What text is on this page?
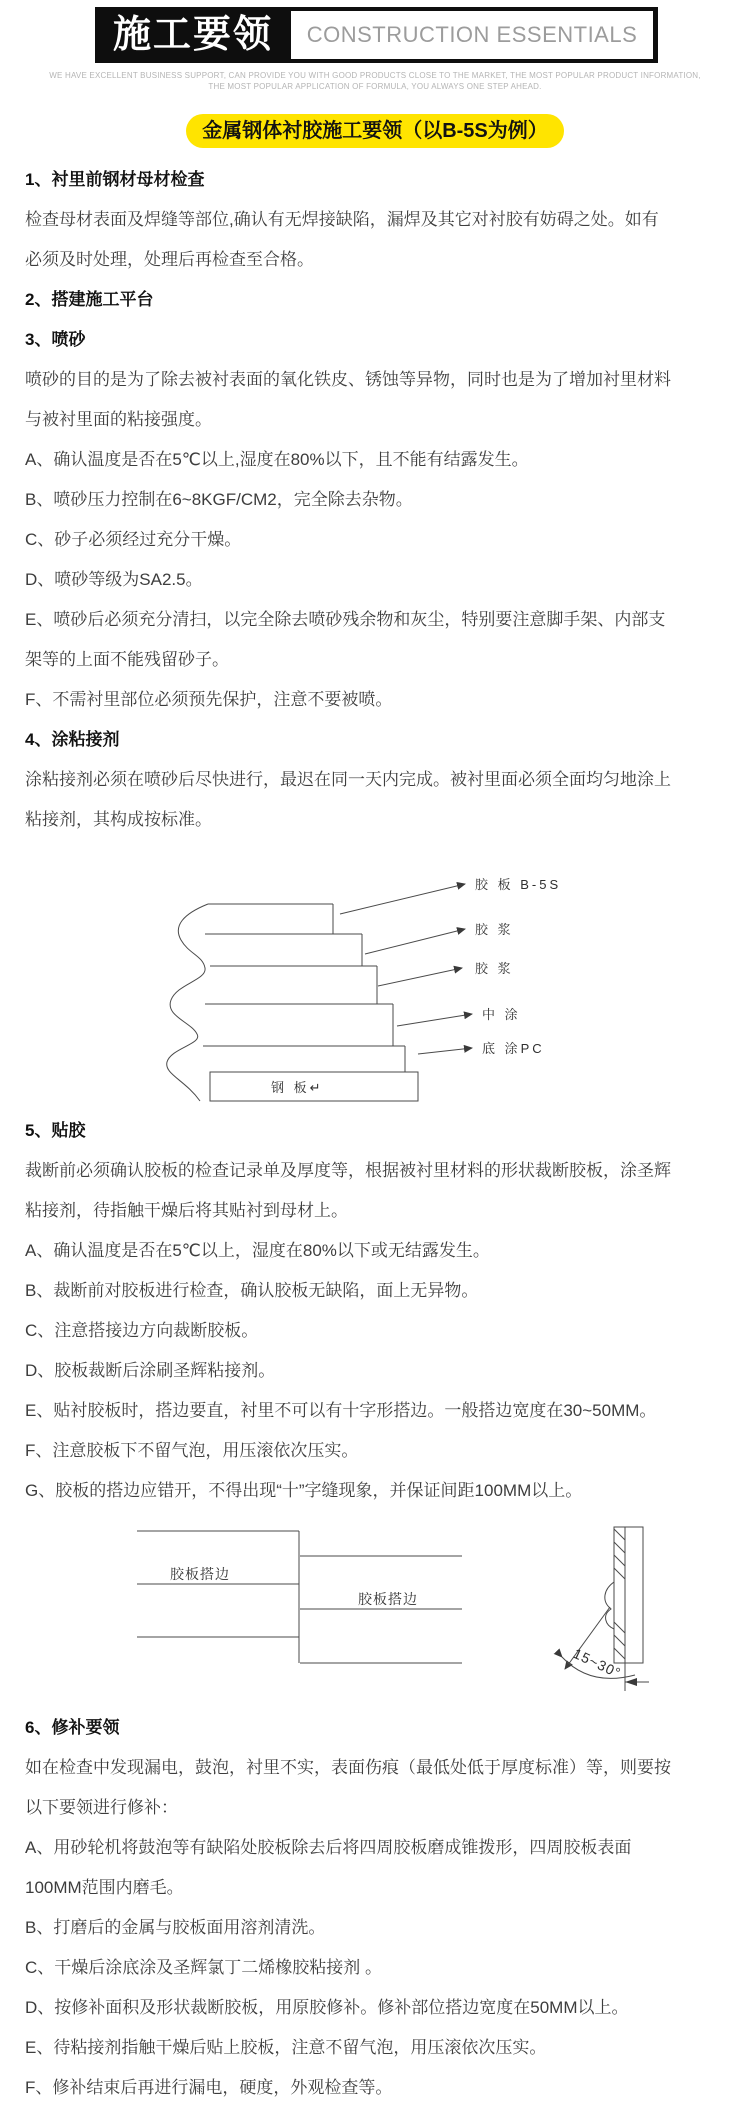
施工要领	CONSTRUCTION ESSENTIALS
WE HAVE EXCELLENT BUSINESS SUPPORT, CAN PROVIDE YOU WITH GOOD PRODUCTS CLOSE TO THE MARKET, THE MOST POPULAR PRODUCT INFORMATION,
THE MOST POPULAR APPLICATION OF FORMULA, YOU ALWAYS ONE STEP AHEAD.
金属钢体衬胶施工要领（以B-5S为例）
1、衬里前钢材母材检查
检查母材表面及焊缝等部位,确认有无焊接缺陷，漏焊及其它对衬胶有妨碍之处。如有
必须及时处理，处理后再检查至合格。
2、搭建施工平台
3、喷砂
喷砂的目的是为了除去被衬表面的氧化铁皮、锈蚀等异物，同时也是为了增加衬里材料
与被衬里面的粘接强度。
A、确认温度是否在5℃以上,湿度在80%以下，且不能有结露发生。
B、喷砂压力控制在6~8KGF/CM2，完全除去杂物。
C、砂子必须经过充分干燥。
D、喷砂等级为SA2.5。
E、喷砂后必须充分清扫，以完全除去喷砂残余物和灰尘，特别要注意脚手架、内部支
架等的上面不能残留砂子。
F、不需衬里部位必须预先保护，注意不要被喷。
4、涂粘接剂
涂粘接剂必须在喷砂后尽快进行，最迟在同一天内完成。被衬里面必须全面均匀地涂上
粘接剂，其构成按标准。
胶 板 B-5S
胶 浆
胶 浆
中 涂
底 涂PC
钢 板↵
5、贴胶
裁断前必须确认胶板的检查记录单及厚度等，根据被衬里材料的形状裁断胶板，涂圣辉
粘接剂，待指触干燥后将其贴衬到母材上。
A、确认温度是否在5℃以上，湿度在80%以下或无结露发生。
B、裁断前对胶板进行检查，确认胶板无缺陷，面上无异物。
C、注意搭接边方向裁断胶板。
D、胶板裁断后涂刷圣辉粘接剂。
E、贴衬胶板时，搭边要直，衬里不可以有十字形搭边。一般搭边宽度在30~50MM。
F、注意胶板下不留气泡，用压滚依次压实。
G、胶板的搭边应错开，不得出现“十”字缝现象，并保证间距100MM以上。
胶板搭边
胶板搭边
15~30°
6、修补要领
如在检查中发现漏电，鼓泡，衬里不实，表面伤痕（最低处低于厚度标准）等，则要按
以下要领进行修补：
A、用砂轮机将鼓泡等有缺陷处胶板除去后将四周胶板磨成锥拨形，四周胶板表面
100MM范围内磨毛。
B、打磨后的金属与胶板面用溶剂清洗。
C、干燥后涂底涂及圣辉氯丁二烯橡胶粘接剂 。
D、按修补面积及形状裁断胶板，用原胶修补。修补部位搭边宽度在50MM以上。
E、待粘接剂指触干燥后贴上胶板，注意不留气泡，用压滚依次压实。
F、修补结束后再进行漏电，硬度，外观检查等。
